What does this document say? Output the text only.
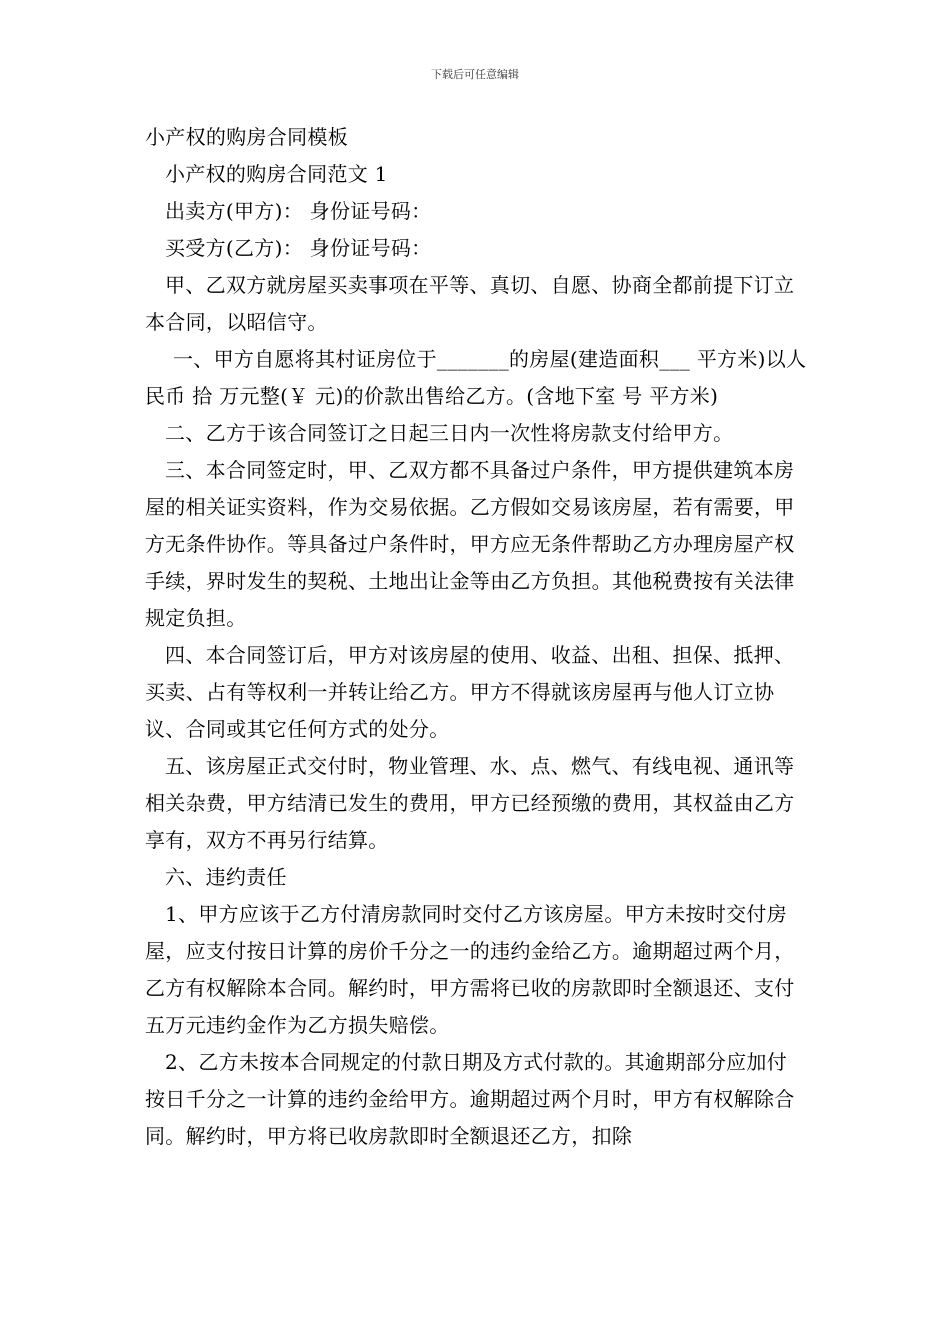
下载后可任意编辑

小产权的购房合同模板

小产权的购房合同范文 1

出卖方(甲方)： 身份证号码：

买受方(乙方)： 身份证号码：

甲、乙双方就房屋买卖事项在平等、真切、自愿、协商全都前提下订立本合同，以昭信守。

一、甲方自愿将其村证房位于_______的房屋(建造面积___ 平方米)以人民币 拾 万元整(￥ 元)的价款出售给乙方。(含地下室 号 平方米)

二、乙方于该合同签订之日起三日内一次性将房款支付给甲方。

三、本合同签定时，甲、乙双方都不具备过户条件，甲方提供建筑本房屋的相关证实资料，作为交易依据。乙方假如交易该房屋，若有需要，甲方无条件协作。等具备过户条件时，甲方应无条件帮助乙方办理房屋产权手续，界时发生的契税、土地出让金等由乙方负担。其他税费按有关法律规定负担。

四、本合同签订后，甲方对该房屋的使用、收益、出租、担保、抵押、买卖、占有等权利一并转让给乙方。甲方不得就该房屋再与他人订立协议、合同或其它任何方式的处分。

五、该房屋正式交付时，物业管理、水、点、燃气、有线电视、通讯等相关杂费，甲方结清已发生的费用，甲方已经预缴的费用，其权益由乙方享有，双方不再另行结算。

六、违约责任

1、甲方应该于乙方付清房款同时交付乙方该房屋。甲方未按时交付房屋，应支付按日计算的房价千分之一的违约金给乙方。逾期超过两个月，乙方有权解除本合同。解约时，甲方需将已收的房款即时全额退还、支付五万元违约金作为乙方损失赔偿。

2、乙方未按本合同规定的付款日期及方式付款的。其逾期部分应加付按日千分之一计算的违约金给甲方。逾期超过两个月时，甲方有权解除合同。解约时，甲方将已收房款即时全额退还乙方，扣除
